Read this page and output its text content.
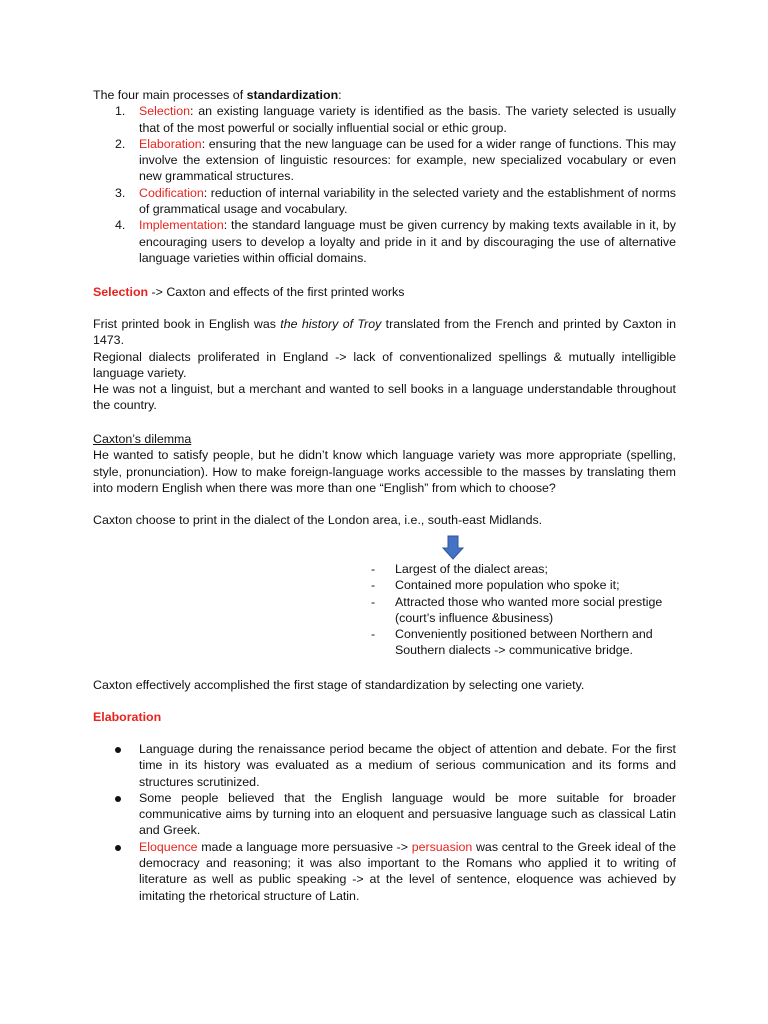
The four main processes of standardization:

1. Selection: an existing language variety is identified as the basis. The variety selected is usually that of the most powerful or socially influential social or ethic group.
2. Elaboration: ensuring that the new language can be used for a wider range of functions. This may involve the extension of linguistic resources: for example, new specialized vocabulary or even new grammatical structures.
3. Codification: reduction of internal variability in the selected variety and the establishment of norms of grammatical usage and vocabulary.
4. Implementation: the standard language must be given currency by making texts available in it, by encouraging users to develop a loyalty and pride in it and by discouraging the use of alternative language varieties within official domains.

Selection -> Caxton and effects of the first printed works

Frist printed book in English was the history of Troy translated from the French and printed by Caxton in 1473.

Regional dialects proliferated in England -> lack of conventionalized spellings & mutually intelligible language variety.

He was not a linguist, but a merchant and wanted to sell books in a language understandable throughout the country.

Caxton’s dilemma

He wanted to satisfy people, but he didn’t know which language variety was more appropriate (spelling, style, pronunciation). How to make foreign-language works accessible to the masses by translating them into modern English when there was more than one “English” from which to choose?

Caxton choose to print in the dialect of the London area, i.e., south-east Midlands.

- Largest of the dialect areas;
- Contained more population who spoke it;
- Attracted those who wanted more social prestige (court’s influence &business)
- Conveniently positioned between Northern and Southern dialects -> communicative bridge.

Caxton effectively accomplished the first stage of standardization by selecting one variety.

Elaboration

Language during the renaissance period became the object of attention and debate. For the first time in its history was evaluated as a medium of serious communication and its forms and structures scrutinized.
Some people believed that the English language would be more suitable for broader communicative aims by turning into an eloquent and persuasive language such as classical Latin and Greek.
Eloquence made a language more persuasive -> persuasion was central to the Greek ideal of the democracy and reasoning; it was also important to the Romans who applied it to writing of literature as well as public speaking -> at the level of sentence, eloquence was achieved by imitating the rhetorical structure of Latin.
